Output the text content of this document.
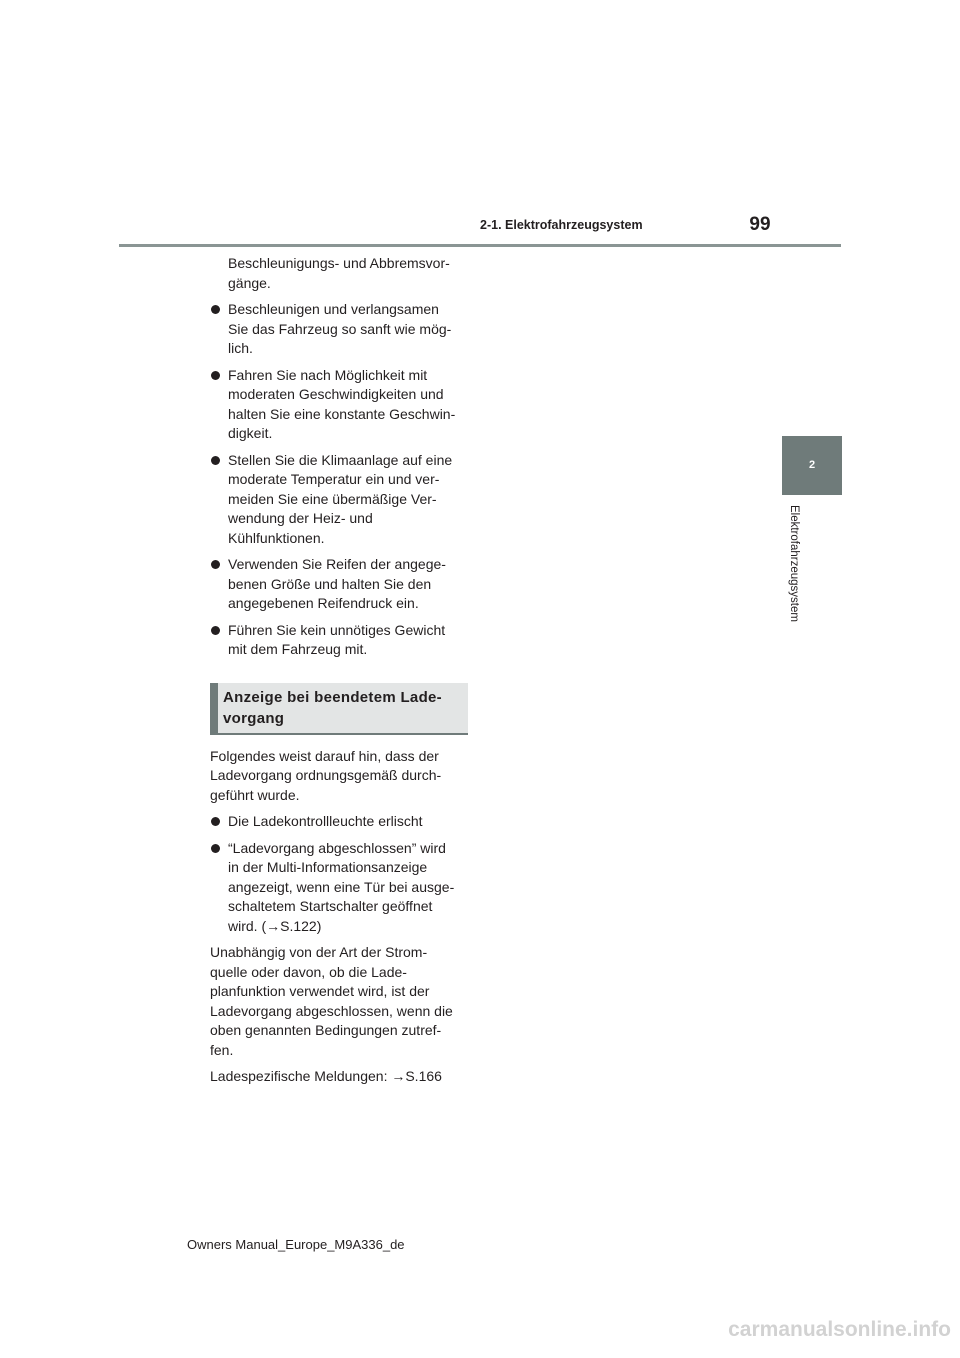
2-1. Elektrofahrzeugsystem	99
2
Elektrofahrzeugsystem

Beschleunigungs- und Abbremsvor-
gänge.

Beschleunigen und verlangsamen
Sie das Fahrzeug so sanft wie mög-
lich.
Fahren Sie nach Möglichkeit mit
moderaten Geschwindigkeiten und
halten Sie eine konstante Geschwin-
digkeit.
Stellen Sie die Klimaanlage auf eine
moderate Temperatur ein und ver-
meiden Sie eine übermäßige Ver-
wendung der Heiz- und
Kühlfunktionen.
Verwenden Sie Reifen der angege-
benen Größe und halten Sie den
angegebenen Reifendruck ein.
Führen Sie kein unnötiges Gewicht
mit dem Fahrzeug mit.
Anzeige bei beendetem Lade-
vorgang

Folgendes weist darauf hin, dass der
Ladevorgang ordnungsgemäß durch-
geführt wurde.

Die Ladekontrollleuchte erlischt
“Ladevorgang abgeschlossen” wird
in der Multi-Informationsanzeige
angezeigt, wenn eine Tür bei ausge-
schaltetem Startschalter geöffnet
wird. (→S.122)

Unabhängig von der Art der Strom-
quelle oder davon, ob die Lade-
planfunktion verwendet wird, ist der
Ladevorgang abgeschlossen, wenn die
oben genannten Bedingungen zutref-
fen.

Ladespezifische Meldungen: →S.166

Owners Manual_Europe_M9A336_de
carmanualsonline.info
